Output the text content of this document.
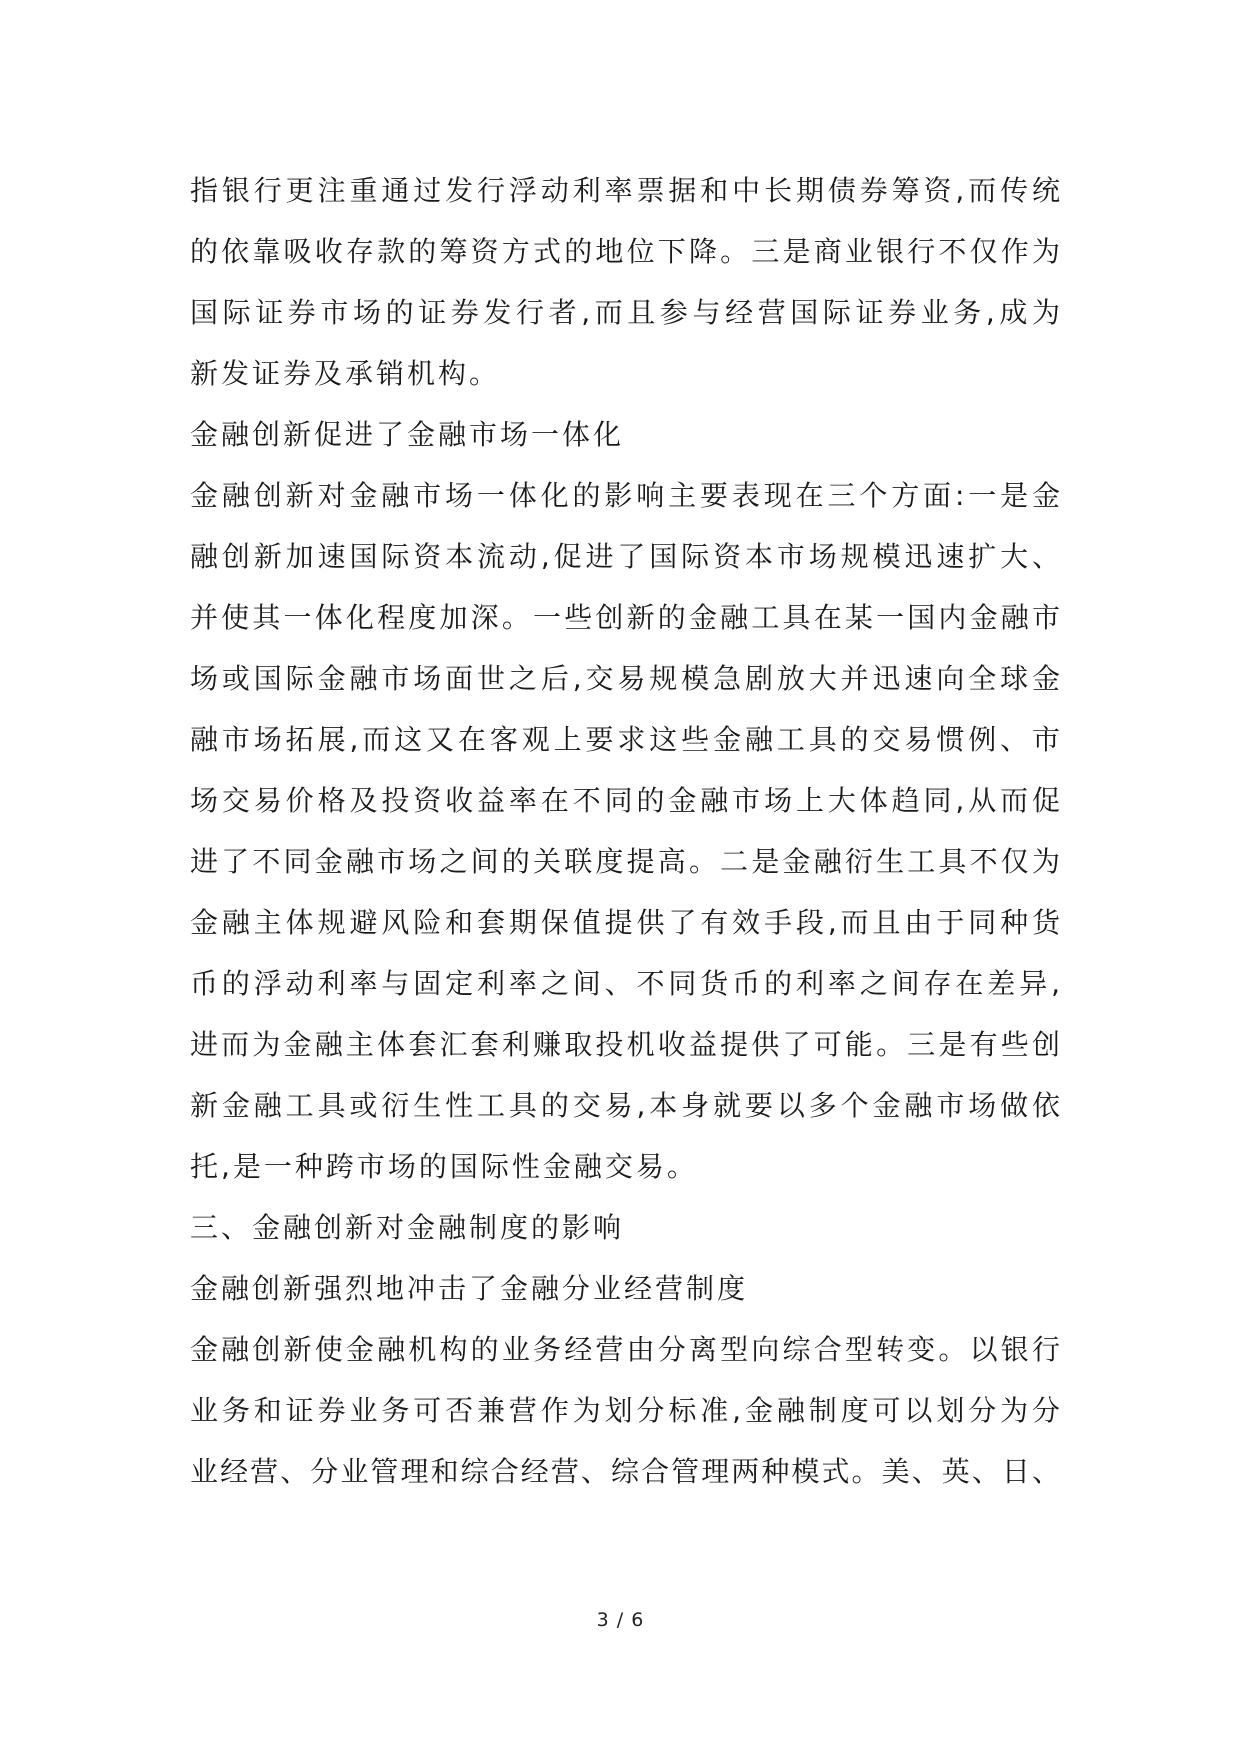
指银行更注重通过发行浮动利率票据和中长期债券筹资,而传统
的依靠吸收存款的筹资方式的地位下降。三是商业银行不仅作为
国际证券市场的证券发行者,而且参与经营国际证券业务,成为
新发证券及承销机构。
金融创新促进了金融市场一体化
金融创新对金融市场一体化的影响主要表现在三个方面:一是金
融创新加速国际资本流动,促进了国际资本市场规模迅速扩大、
并使其一体化程度加深。一些创新的金融工具在某一国内金融市
场或国际金融市场面世之后,交易规模急剧放大并迅速向全球金
融市场拓展,而这又在客观上要求这些金融工具的交易惯例、市
场交易价格及投资收益率在不同的金融市场上大体趋同,从而促
进了不同金融市场之间的关联度提高。二是金融衍生工具不仅为
金融主体规避风险和套期保值提供了有效手段,而且由于同种货
币的浮动利率与固定利率之间、不同货币的利率之间存在差异,
进而为金融主体套汇套利赚取投机收益提供了可能。三是有些创
新金融工具或衍生性工具的交易,本身就要以多个金融市场做依
托,是一种跨市场的国际性金融交易。
三、金融创新对金融制度的影响
金融创新强烈地冲击了金融分业经营制度
金融创新使金融机构的业务经营由分离型向综合型转变。以银行
业务和证券业务可否兼营作为划分标准,金融制度可以划分为分
业经营、分业管理和综合经营、综合管理两种模式。美、英、日、
3 / 6
